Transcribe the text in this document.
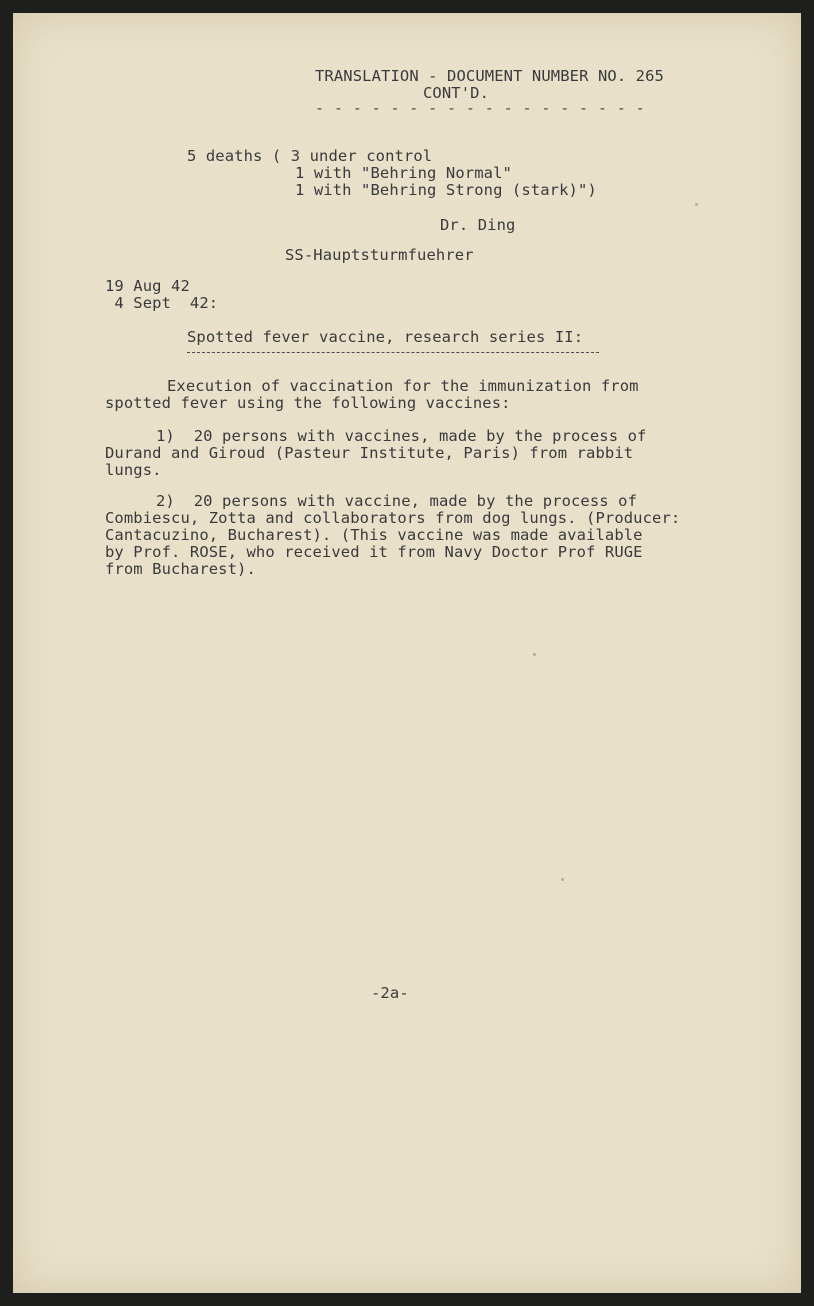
TRANSLATION - DOCUMENT NUMBER NO. 265
CONT'D.
- - - - - - - - - - - - - - - - - -
5 deaths ( 3 under control
1 with "Behring Normal"
1 with "Behring Strong (stark)")
Dr. Ding
SS-Hauptsturmfuehrer
19 Aug 42
4 Sept  42:
Spotted fever vaccine, research series II:
Execution of vaccination for the immunization from
spotted fever using the following vaccines:
1)  20 persons with vaccines, made by the process of
Durand and Giroud (Pasteur Institute, Paris) from rabbit
lungs.
2)  20 persons with vaccine, made by the process of
Combiescu, Zotta and collaborators from dog lungs. (Producer:
Cantacuzino, Bucharest). (This vaccine was made available
by Prof. ROSE, who received it from Navy Doctor Prof RUGE
from Bucharest).
-2a-
